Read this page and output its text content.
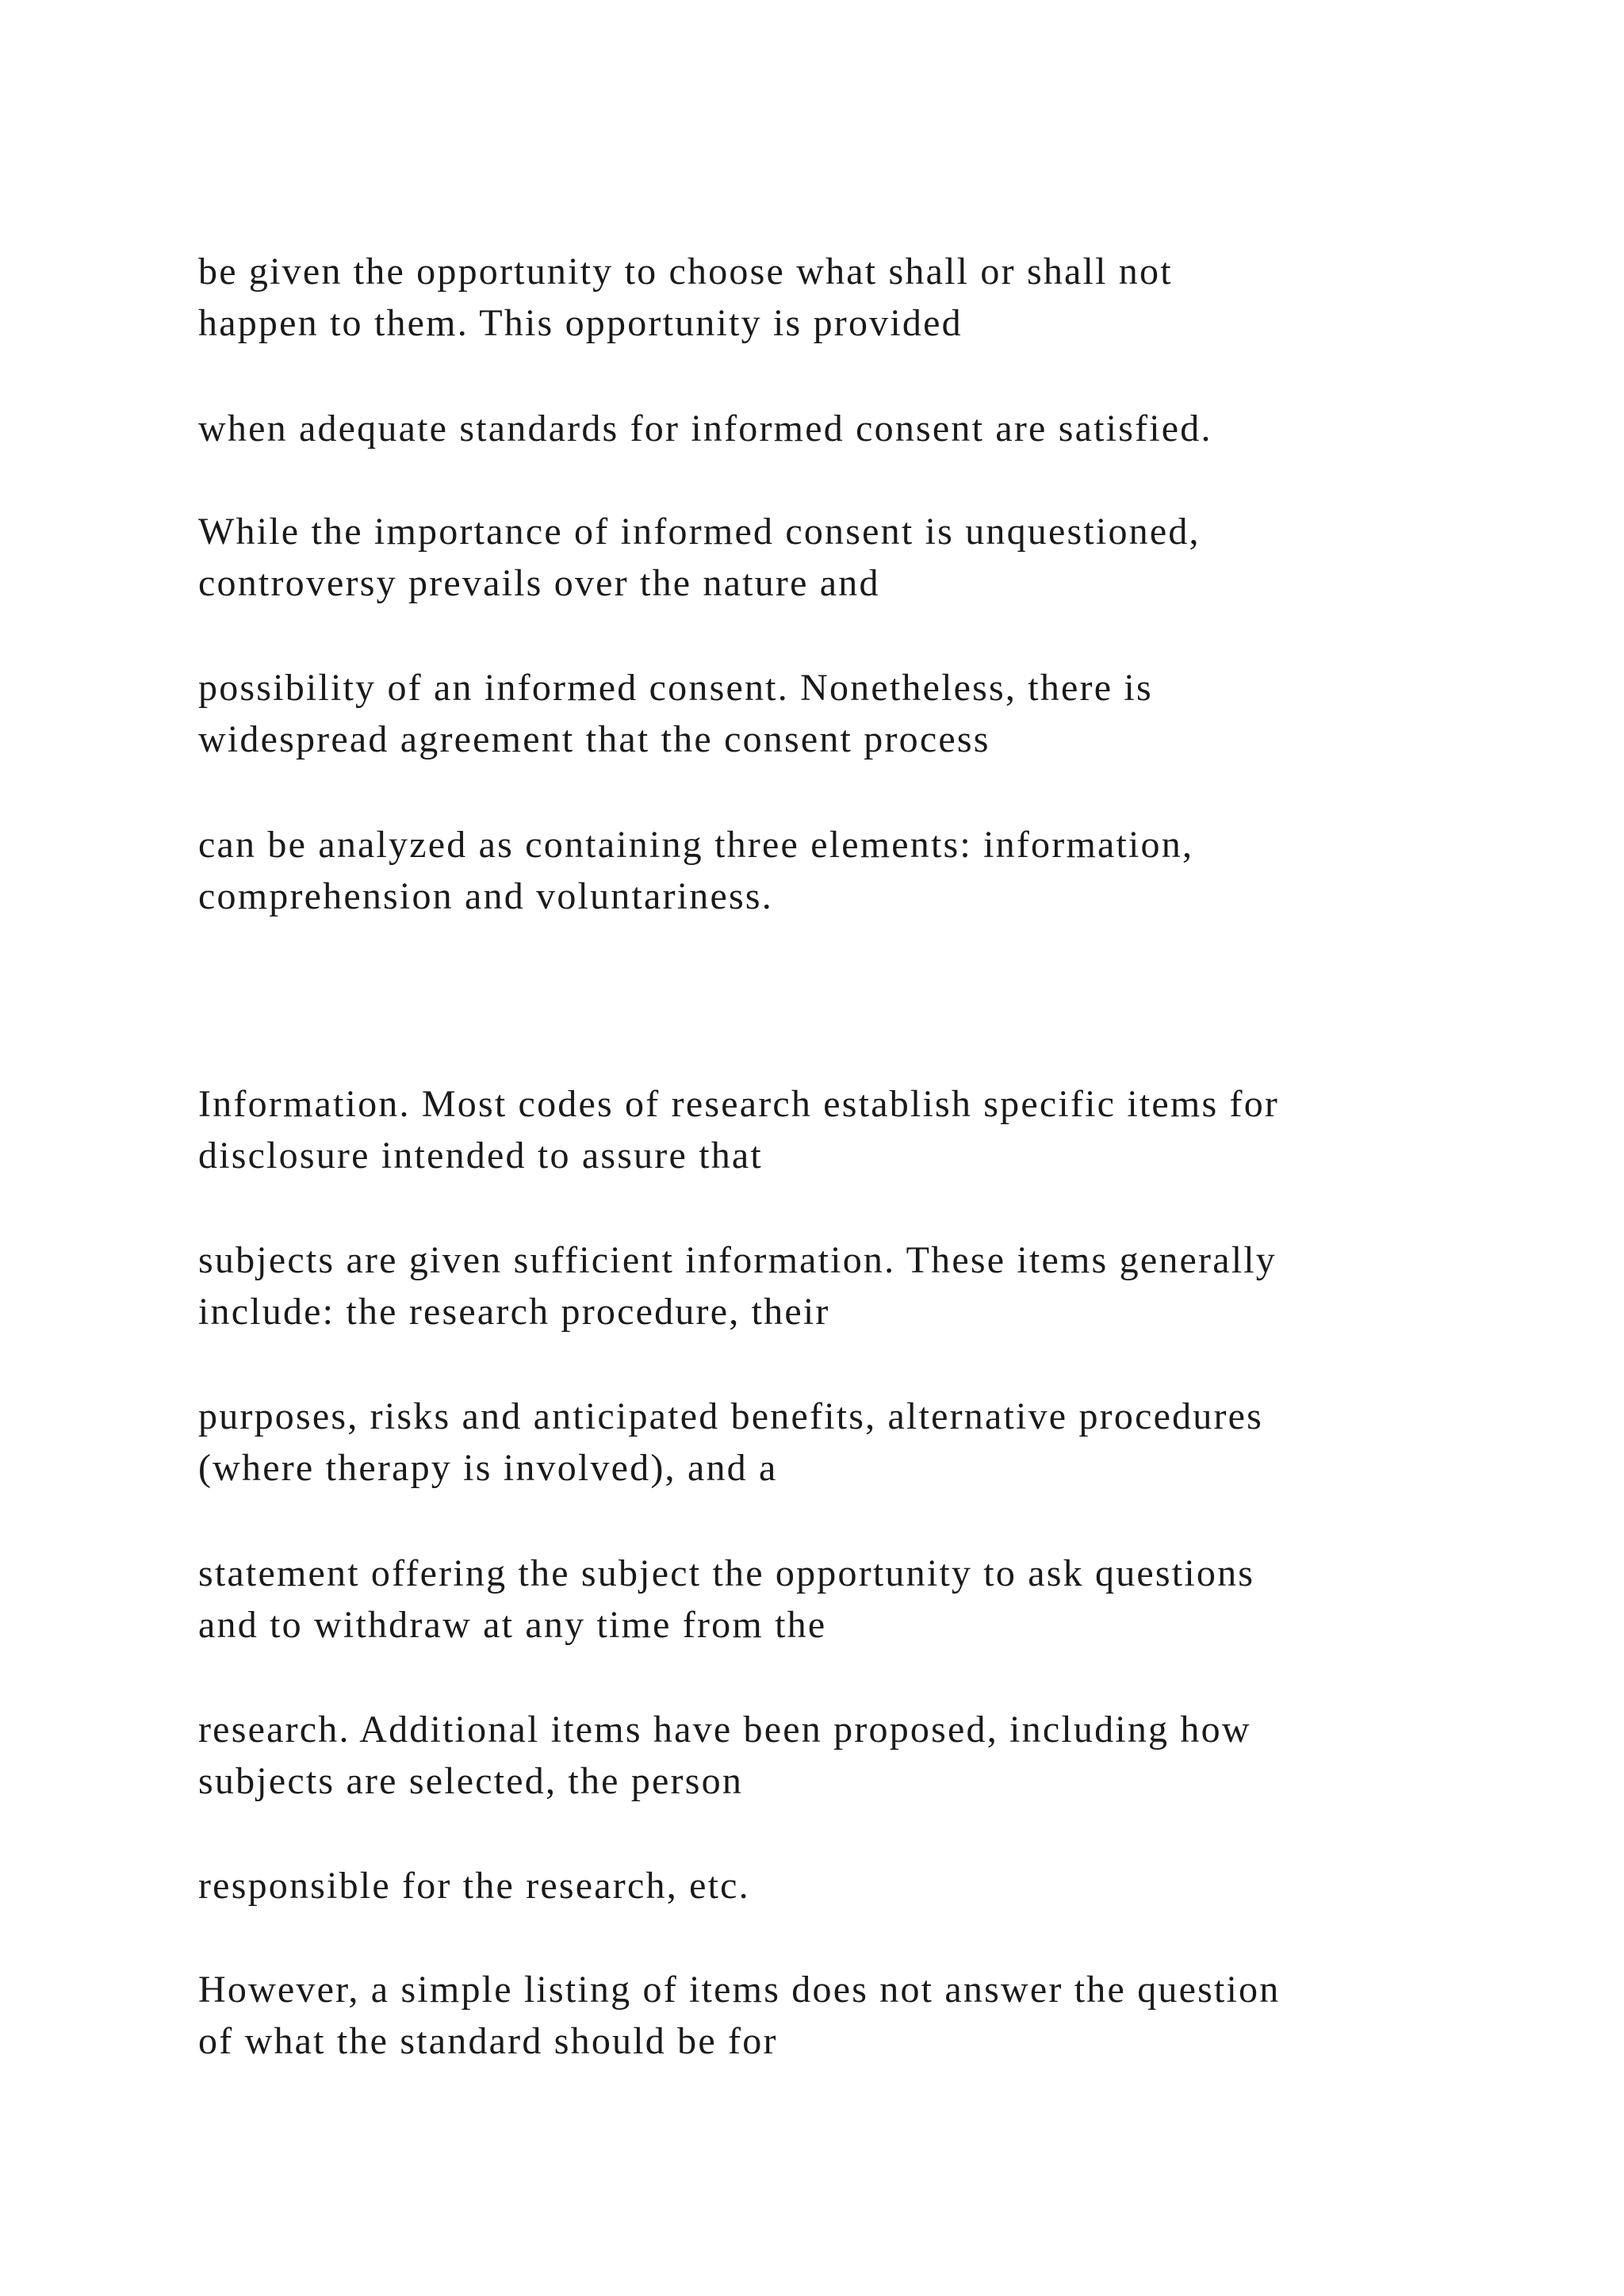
be given the opportunity to choose what shall or shall not
happen to them. This opportunity is provided
when adequate standards for informed consent are satisfied.
While the importance of informed consent is unquestioned,
controversy prevails over the nature and
possibility of an informed consent. Nonetheless, there is
widespread agreement that the consent process
can be analyzed as containing three elements: information,
comprehension and voluntariness.
Information. Most codes of research establish specific items for
disclosure intended to assure that
subjects are given sufficient information. These items generally
include: the research procedure, their
purposes, risks and anticipated benefits, alternative procedures
(where therapy is involved), and a
statement offering the subject the opportunity to ask questions
and to withdraw at any time from the
research. Additional items have been proposed, including how
subjects are selected, the person
responsible for the research, etc.
However, a simple listing of items does not answer the question
of what the standard should be for
